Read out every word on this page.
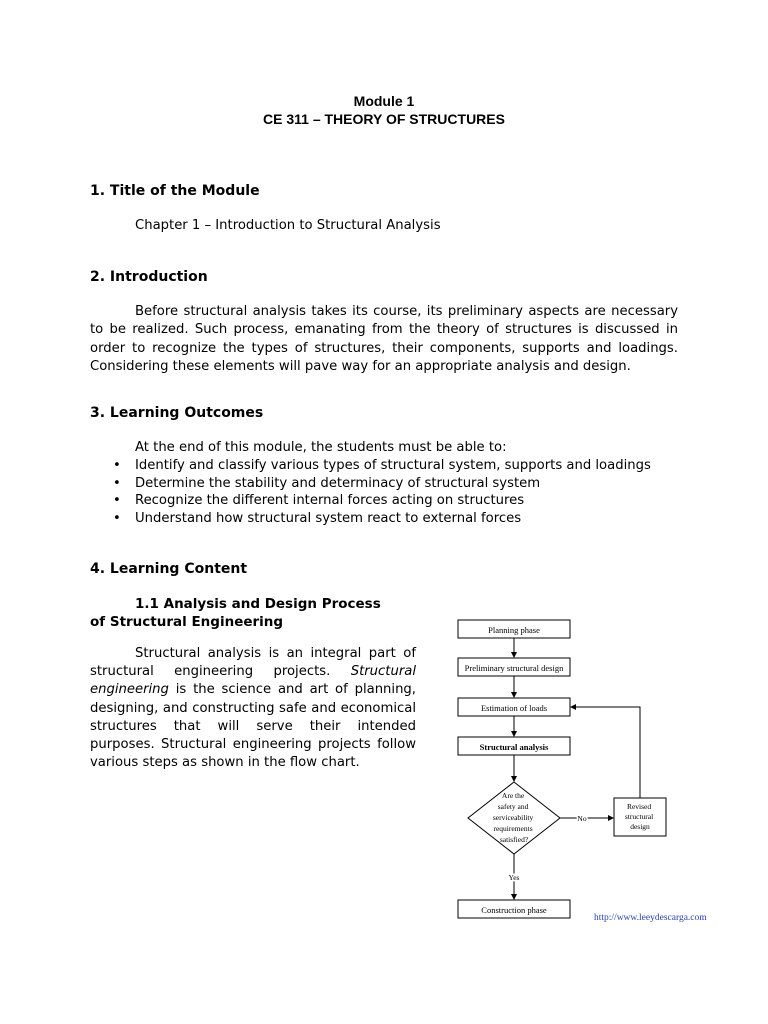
Module 1
CE 311 – THEORY OF STRUCTURES
1. Title of the Module
Chapter 1 – Introduction to Structural Analysis
2. Introduction
Before structural analysis takes its course, its preliminary aspects are necessary to be realized. Such process, emanating from the theory of structures is discussed in order to recognize the types of structures, their components, supports and loadings. Considering these elements will pave way for an appropriate analysis and design.
3. Learning Outcomes
At the end of this module, the students must be able to:
• Identify and classify various types of structural system, supports and loadings
• Determine the stability and determinacy of structural system
• Recognize the different internal forces acting on structures
• Understand how structural system react to external forces
4. Learning Content
1.1 Analysis and Design Process of Structural Engineering
Structural analysis is an integral part of structural engineering projects. Structural engineering is the science and art of planning, designing, and constructing safe and economical structures that will serve their intended purposes. Structural engineering projects follow various steps as shown in the flow chart.
Planning phase
Preliminary structural design
Estimation of loads
Structural analysis
Are the safety and serviceability requirements satisfied?
Revised structural design
Construction phase
No
Yes
http://www.leeydescarga.com
